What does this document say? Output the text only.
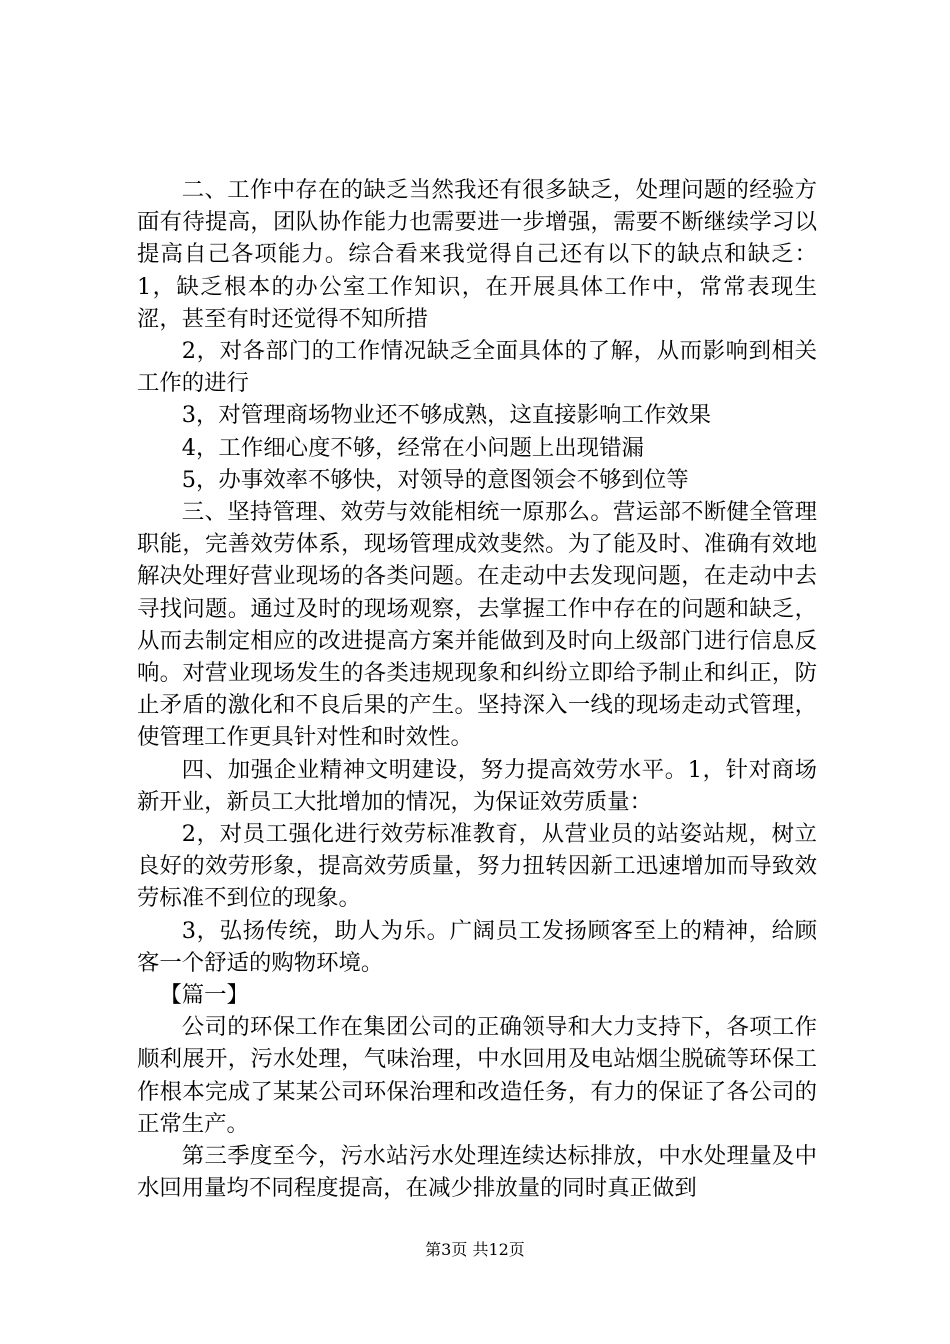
二、工作中存在的缺乏当然我还有很多缺乏，处理问题的经验方面有待提高，团队协作能力也需要进一步增强，需要不断继续学习以提高自己各项能力。综合看来我觉得自己还有以下的缺点和缺乏：1，缺乏根本的办公室工作知识，在开展具体工作中，常常表现生涩，甚至有时还觉得不知所措

2，对各部门的工作情况缺乏全面具体的了解，从而影响到相关工作的进行

3，对管理商场物业还不够成熟，这直接影响工作效果

4，工作细心度不够，经常在小问题上出现错漏

5，办事效率不够快，对领导的意图领会不够到位等

三、坚持管理、效劳与效能相统一原那么。营运部不断健全管理职能，完善效劳体系，现场管理成效斐然。为了能及时、准确有效地解决处理好营业现场的各类问题。在走动中去发现问题，在走动中去寻找问题。通过及时的现场观察，去掌握工作中存在的问题和缺乏，从而去制定相应的改进提高方案并能做到及时向上级部门进行信息反响。对营业现场发生的各类违规现象和纠纷立即给予制止和纠正，防止矛盾的激化和不良后果的产生。坚持深入一线的现场走动式管理，使管理工作更具针对性和时效性。

四、加强企业精神文明建设，努力提高效劳水平。1，针对商场新开业，新员工大批增加的情况，为保证效劳质量：

2，对员工强化进行效劳标准教育，从营业员的站姿站规，树立良好的效劳形象，提高效劳质量，努力扭转因新工迅速增加而导致效劳标准不到位的现象。

3，弘扬传统，助人为乐。广阔员工发扬顾客至上的精神，给顾客一个舒适的购物环境。

【篇一】

公司的环保工作在集团公司的正确领导和大力支持下，各项工作顺利展开，污水处理，气味治理，中水回用及电站烟尘脱硫等环保工作根本完成了某某公司环保治理和改造任务，有力的保证了各公司的正常生产。

第三季度至今，污水站污水处理连续达标排放，中水处理量及中水回用量均不同程度提高，在减少排放量的同时真正做到

第3页 共12页
